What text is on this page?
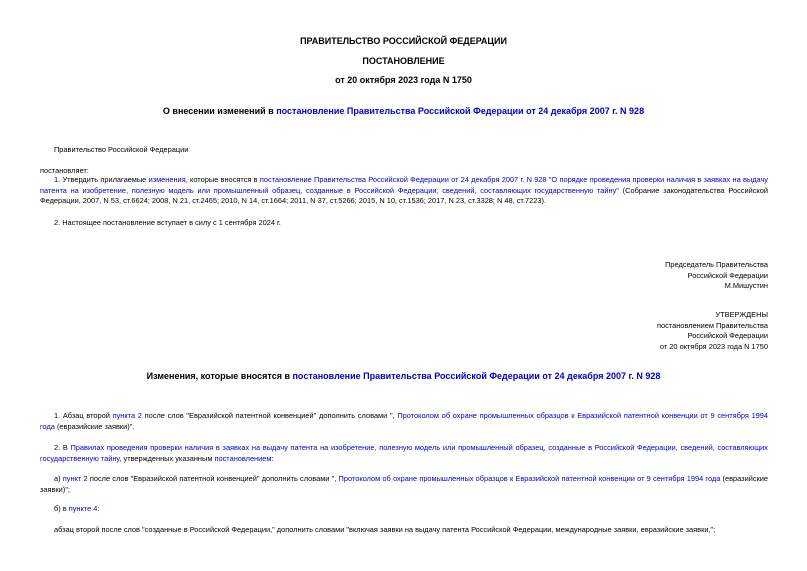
ПРАВИТЕЛЬСТВО РОССИЙСКОЙ ФЕДЕРАЦИИ
ПОСТАНОВЛЕНИЕ
от 20 октября 2023 года N 1750
О внесении изменений в постановление Правительства Российской Федерации от 24 декабря 2007 г. N 928
Правительство Российской Федерации
постановляет:
1. Утвердить прилагаемые изменения, которые вносятся в постановление Правительства Российской Федерации от 24 декабря 2007 г. N 928 "О порядке проведения проверки наличия в заявках на выдачу патента на изобретение, полезную модель или промышленный образец, созданные в Российской Федерации, сведений, составляющих государственную тайну" (Собрание законодательства Российской Федерации, 2007, N 53, ст.6624; 2008, N 21, ст.2465; 2010, N 14, ст.1664; 2011, N 37, ст.5266; 2015, N 10, ст.1536; 2017, N 23, ст.3328; N 48, ст.7223).
2. Настоящее постановление вступает в силу с 1 сентября 2024 г.
Председатель Правительства
Российской Федерации
М.Мишустин
УТВЕРЖДЕНЫ
постановлением Правительства
Российской Федерации
от 20 октября 2023 года N 1750
Изменения, которые вносятся в постановление Правительства Российской Федерации от 24 декабря 2007 г. N 928
1. Абзац второй пункта 2 после слов "Евразийской патентной конвенцией" дополнить словами ", Протоколом об охране промышленных образцов к Евразийской патентной конвенции от 9 сентября 1994 года (евразийские заявки)".
2. В Правилах проведения проверки наличия в заявках на выдачу патента на изобретение, полезную модель или промышленный образец, созданные в Российской Федерации, сведений, составляющих государственную тайну, утвержденных указанным постановлением:
а) пункт 2 после слов "Евразийской патентной конвенцией" дополнить словами ", Протоколом об охране промышленных образцов к Евразийской патентной конвенции от 9 сентября 1994 года (евразийские заявки)";
б) в пункте 4:
абзац второй после слов "созданные в Российской Федерации," дополнить словами "включая заявки на выдачу патента Российской Федерации, международные заявки, евразийские заявки,";
